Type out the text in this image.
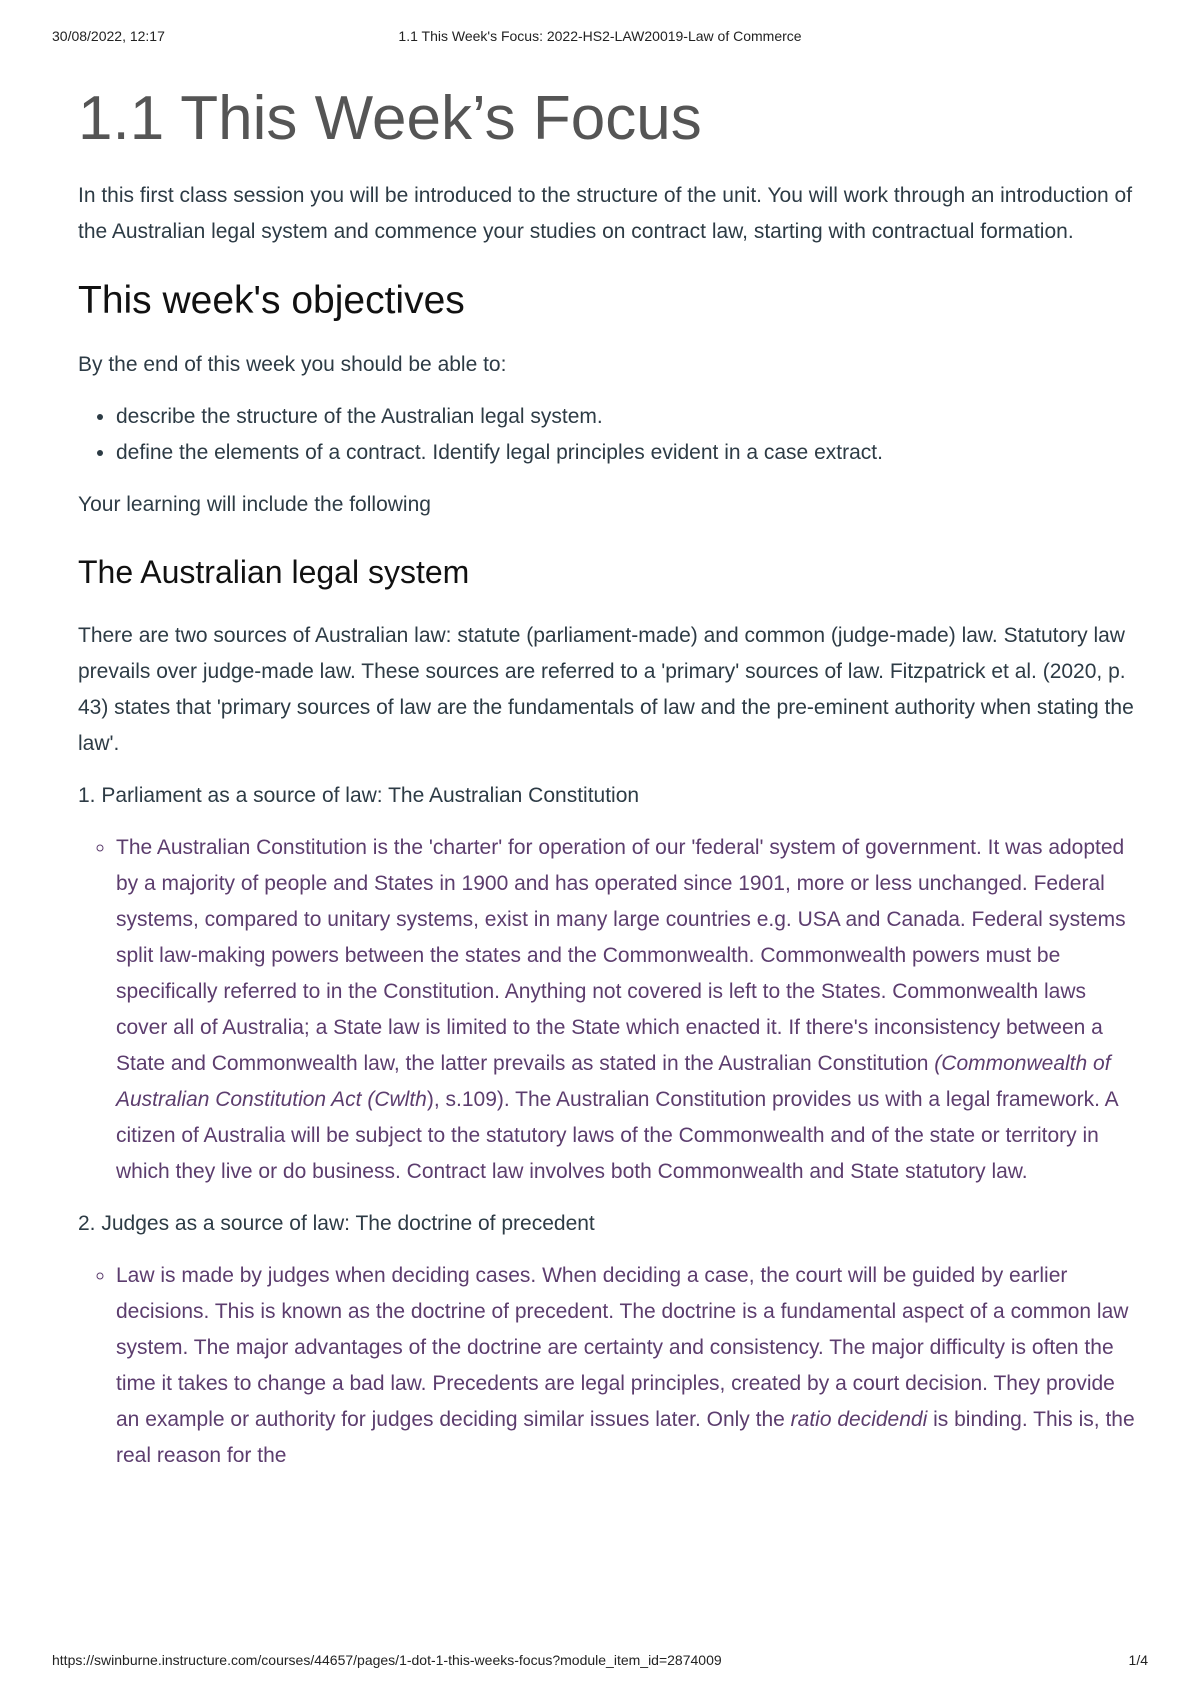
30/08/2022, 12:17	1.1 This Week's Focus: 2022-HS2-LAW20019-Law of Commerce
1.1 This Week’s Focus

In this first class session you will be introduced to the structure of the unit. You will work through an introduction of the Australian legal system and commence your studies on contract law, starting with contractual formation.

This week's objectives

By the end of this week you should be able to:

• describe the structure of the Australian legal system.
• define the elements of a contract. Identify legal principles evident in a case extract.

Your learning will include the following

The Australian legal system

There are two sources of Australian law: statute (parliament-made) and common (judge-made) law. Statutory law prevails over judge-made law. These sources are referred to a 'primary' sources of law. Fitzpatrick et al. (2020, p. 43) states that 'primary sources of law are the fundamentals of law and the pre-eminent authority when stating the law'.

1. Parliament as a source of law: The Australian Constitution

◦ The Australian Constitution is the 'charter' for operation of our 'federal' system of government. It was adopted by a majority of people and States in 1900 and has operated since 1901, more or less unchanged. Federal systems, compared to unitary systems, exist in many large countries e.g. USA and Canada. Federal systems split law-making powers between the states and the Commonwealth. Commonwealth powers must be specifically referred to in the Constitution. Anything not covered is left to the States. Commonwealth laws cover all of Australia; a State law is limited to the State which enacted it. If there's inconsistency between a State and Commonwealth law, the latter prevails as stated in the Australian Constitution (Commonwealth of Australian Constitution Act (Cwlth), s.109). The Australian Constitution provides us with a legal framework. A citizen of Australia will be subject to the statutory laws of the Commonwealth and of the state or territory in which they live or do business. Contract law involves both Commonwealth and State statutory law.

2. Judges as a source of law: The doctrine of precedent

◦ Law is made by judges when deciding cases. When deciding a case, the court will be guided by earlier decisions. This is known as the doctrine of precedent. The doctrine is a fundamental aspect of a common law system. The major advantages of the doctrine are certainty and consistency. The major difficulty is often the time it takes to change a bad law. Precedents are legal principles, created by a court decision. They provide an example or authority for judges deciding similar issues later. Only the ratio decidendi is binding. This is, the real reason for the
https://swinburne.instructure.com/courses/44657/pages/1-dot-1-this-weeks-focus?module_item_id=2874009	1/4
